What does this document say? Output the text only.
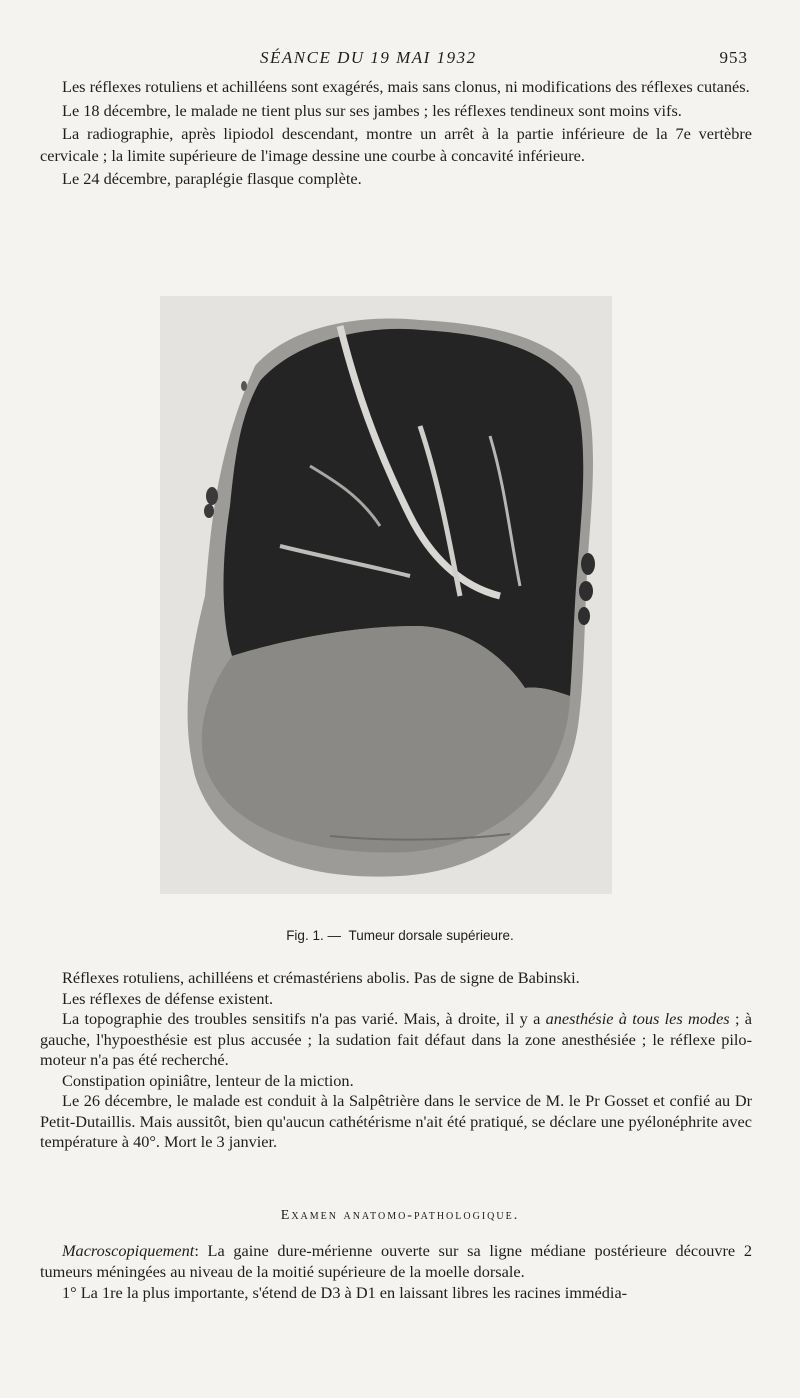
SÉANCE DU 19 MAI 1932	953

Les réflexes rotuliens et achilléens sont exagérés, mais sans clonus, ni modifications des réflexes cutanés.

Le 18 décembre, le malade ne tient plus sur ses jambes ; les réflexes tendineux sont moins vifs.

La radiographie, après lipiodol descendant, montre un arrêt à la partie inférieure de la 7e vertèbre cervicale ; la limite supérieure de l'image dessine une courbe à concavité inférieure.

Le 24 décembre, paraplégie flasque complète.

Fig. 1. — Tumeur dorsale supérieure.

Réflexes rotuliens, achilléens et crémastériens abolis. Pas de signe de Babinski.

Les réflexes de défense existent.

La topographie des troubles sensitifs n'a pas varié. Mais, à droite, il y a anesthésie à tous les modes ; à gauche, l'hypoesthésie est plus accusée ; la sudation fait défaut dans la zone anesthésiée ; le réflexe pilo-moteur n'a pas été recherché.

Constipation opiniâtre, lenteur de la miction.

Le 26 décembre, le malade est conduit à la Salpêtrière dans le service de M. le Pr Gosset et confié au Dr Petit-Dutaillis. Mais aussitôt, bien qu'aucun cathétérisme n'ait été pratiqué, se déclare une pyélonéphrite avec température à 40°. Mort le 3 janvier.

Examen anatomo-pathologique.

Macroscopiquement: La gaine dure-mérienne ouverte sur sa ligne médiane postérieure découvre 2 tumeurs méningées au niveau de la moitié supérieure de la moelle dorsale.

1° La 1re la plus importante, s'étend de D3 à D1 en laissant libres les racines immédia-
